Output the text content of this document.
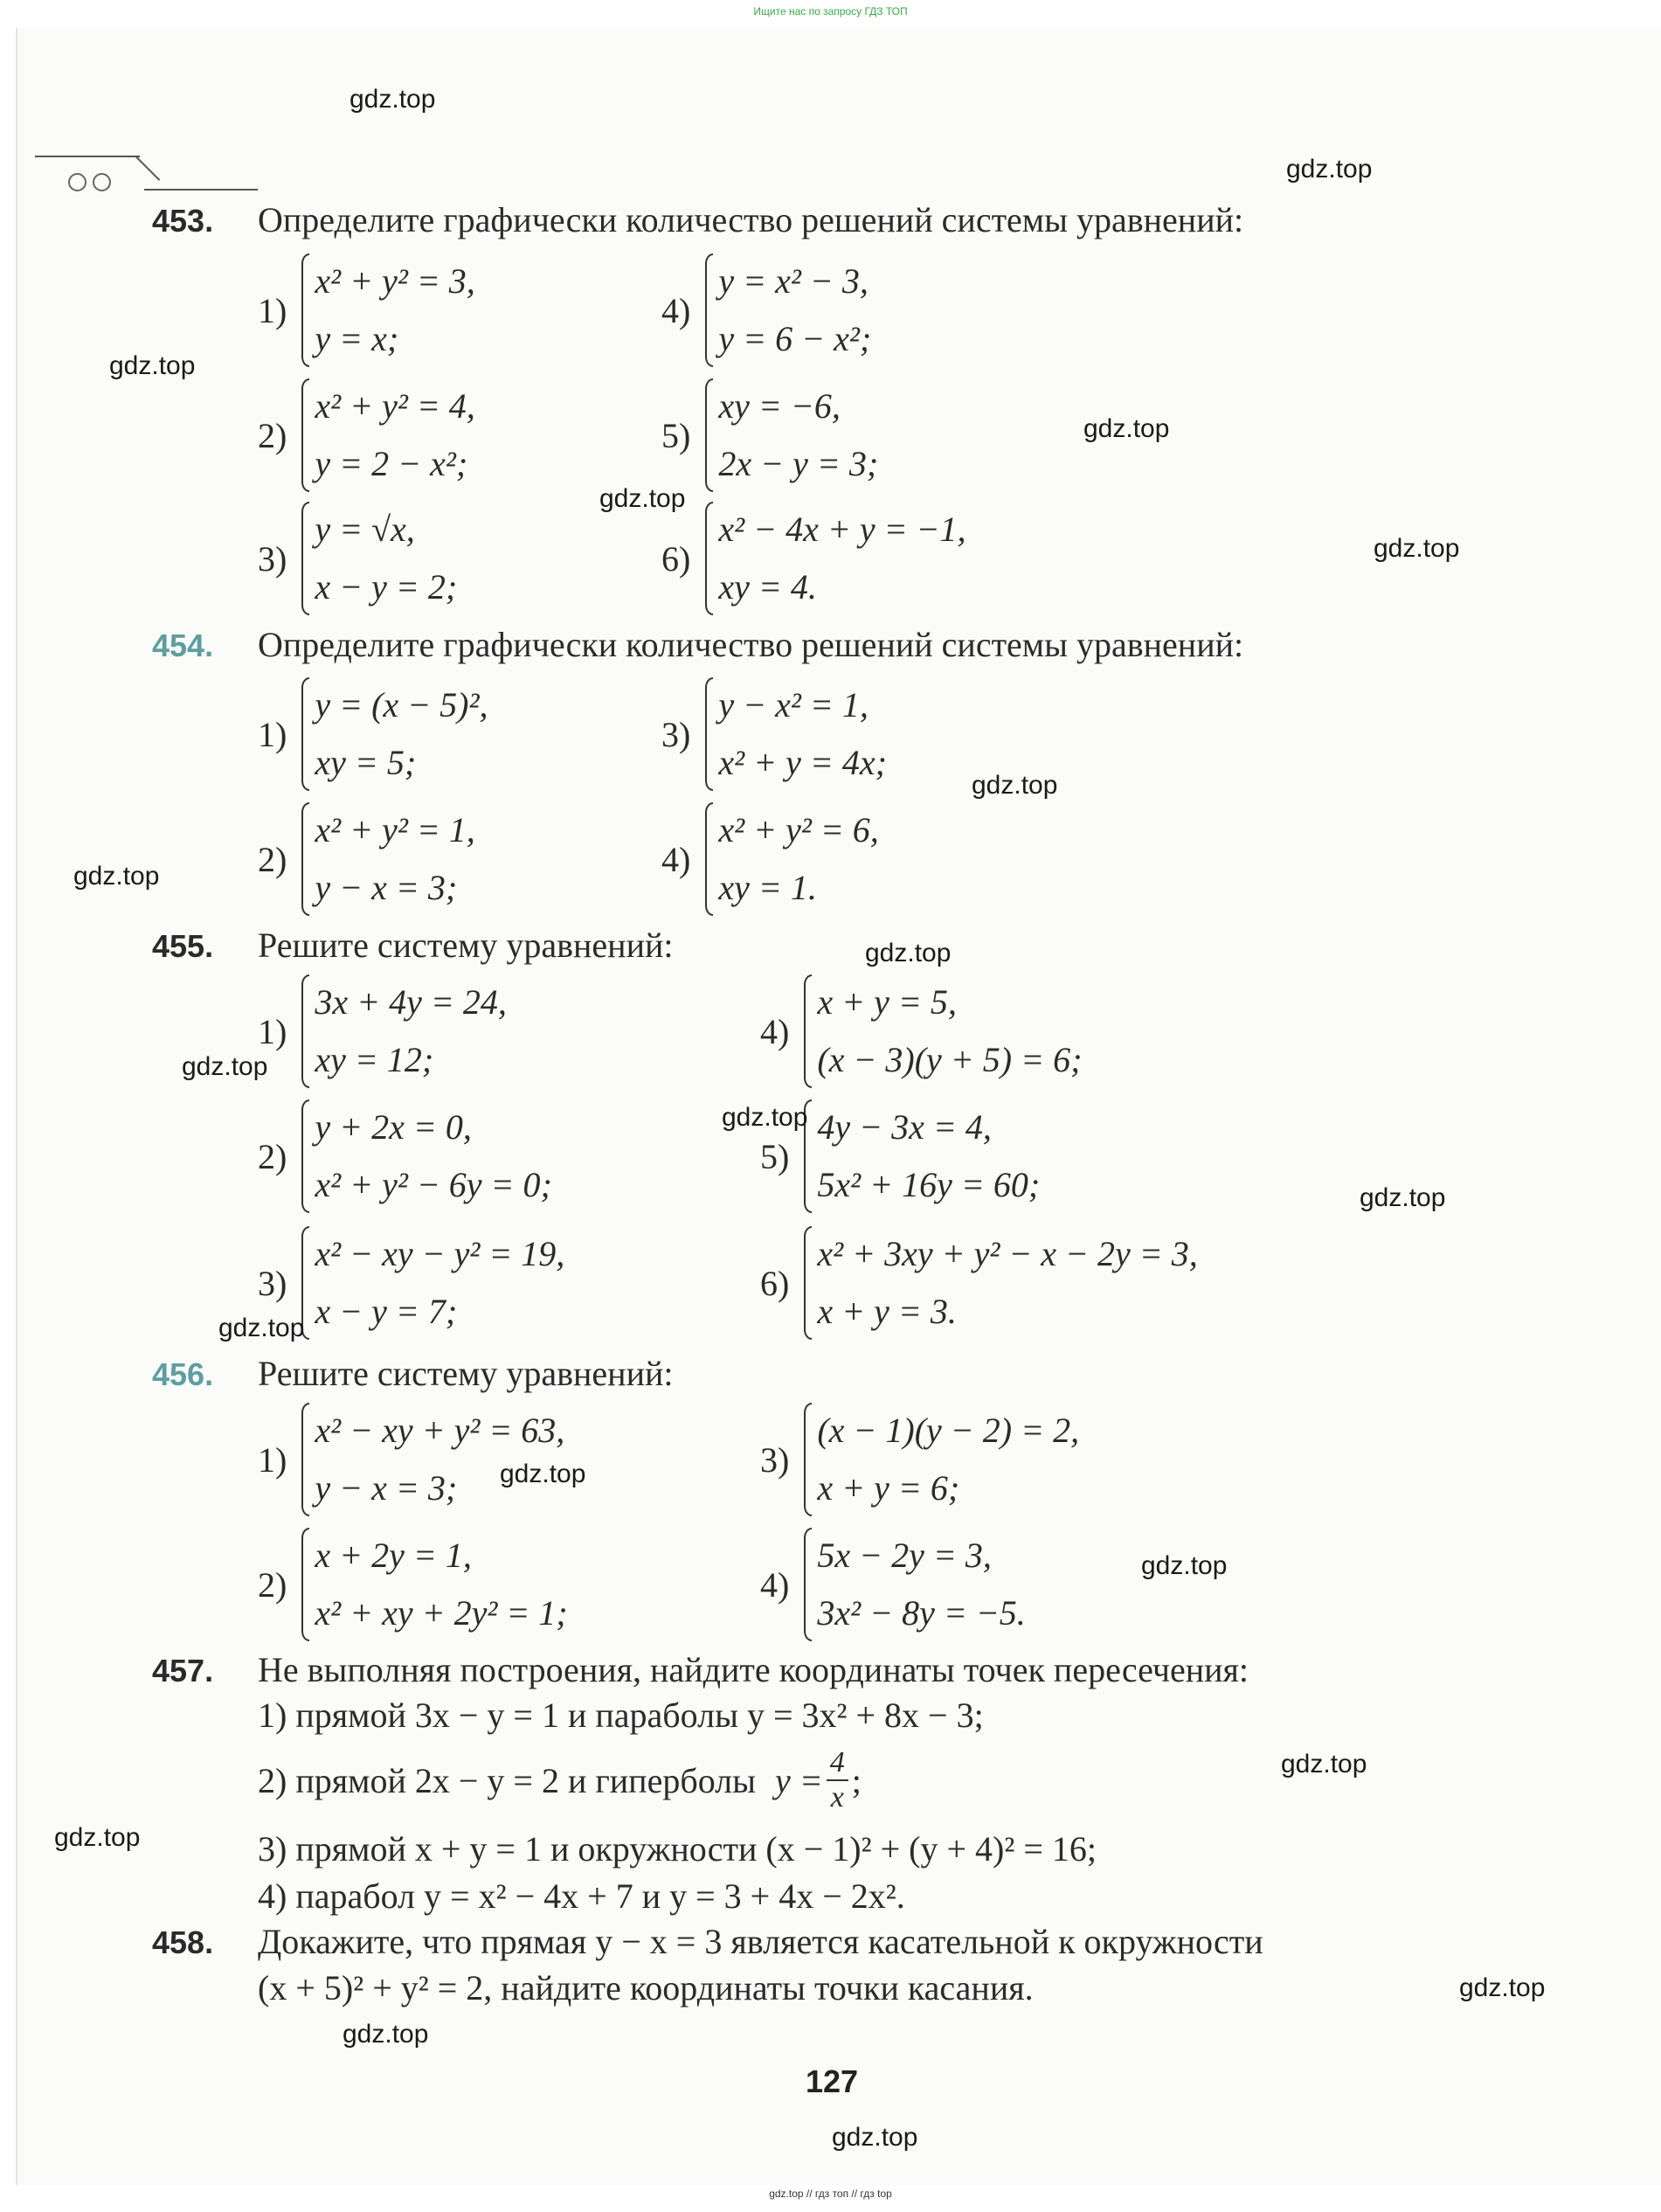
Ищите нас по запросу ГДЗ ТОП
453. Определите графически количество решений системы уравнений:
1)
x² + y² = 3,
y = x;
2)
x² + y² = 4,
y = 2 − x²;
3)
y = √x,
x − y = 2;
4)
y = x² − 3,
y = 6 − x²;
5)
xy = −6,
2x − y = 3;
6)
x² − 4x + y = −1,
xy = 4.
454. Определите графически количество решений системы уравнений:
1)
y = (x − 5)²,
xy = 5;
2)
x² + y² = 1,
y − x = 3;
3)
y − x² = 1,
x² + y = 4x;
4)
x² + y² = 6,
xy = 1.
455. Решите систему уравнений:
1)
3x + 4y = 24,
xy = 12;
2)
y + 2x = 0,
x² + y² − 6y = 0;
3)
x² − xy − y² = 19,
x − y = 7;
4)
x + y = 5,
(x − 3)(y + 5) = 6;
5)
4y − 3x = 4,
5x² + 16y = 60;
6)
x² + 3xy + y² − x − 2y = 3,
x + y = 3.
456. Решите систему уравнений:
1)
x² − xy + y² = 63,
y − x = 3;
2)
x + 2y = 1,
x² + xy + 2y² = 1;
3)
(x − 1)(y − 2) = 2,
x + y = 6;
4)
5x − 2y = 3,
3x² − 8y = −5.
457. Не выполняя построения, найдите координаты точек пересечения:
1) прямой 3x − y = 1 и параболы y = 3x² + 8x − 3;
2) прямой 2x − y = 2 и гиперболы $y = \frac{4}{x}$ ;
3) прямой x + y = 1 и окружности (x − 1)² + (y + 4)² = 16;
4) парабол y = x² − 4x + 7 и y = 3 + 4x − 2x².
458. Докажите, что прямая y − x = 3 является касательной к окружности
(x + 5)² + y² = 2, найдите координаты точки касания.
127
gdz.top
gdz.top
gdz.top
gdz.top
gdz.top
gdz.top
gdz.top
gdz.top
gdz.top
gdz.top
gdz.top
gdz.top
gdz.top
gdz.top
gdz.top
gdz.top
gdz.top
gdz.top
gdz.top
gdz.top
gdz.top // гдз топ // гдз top
